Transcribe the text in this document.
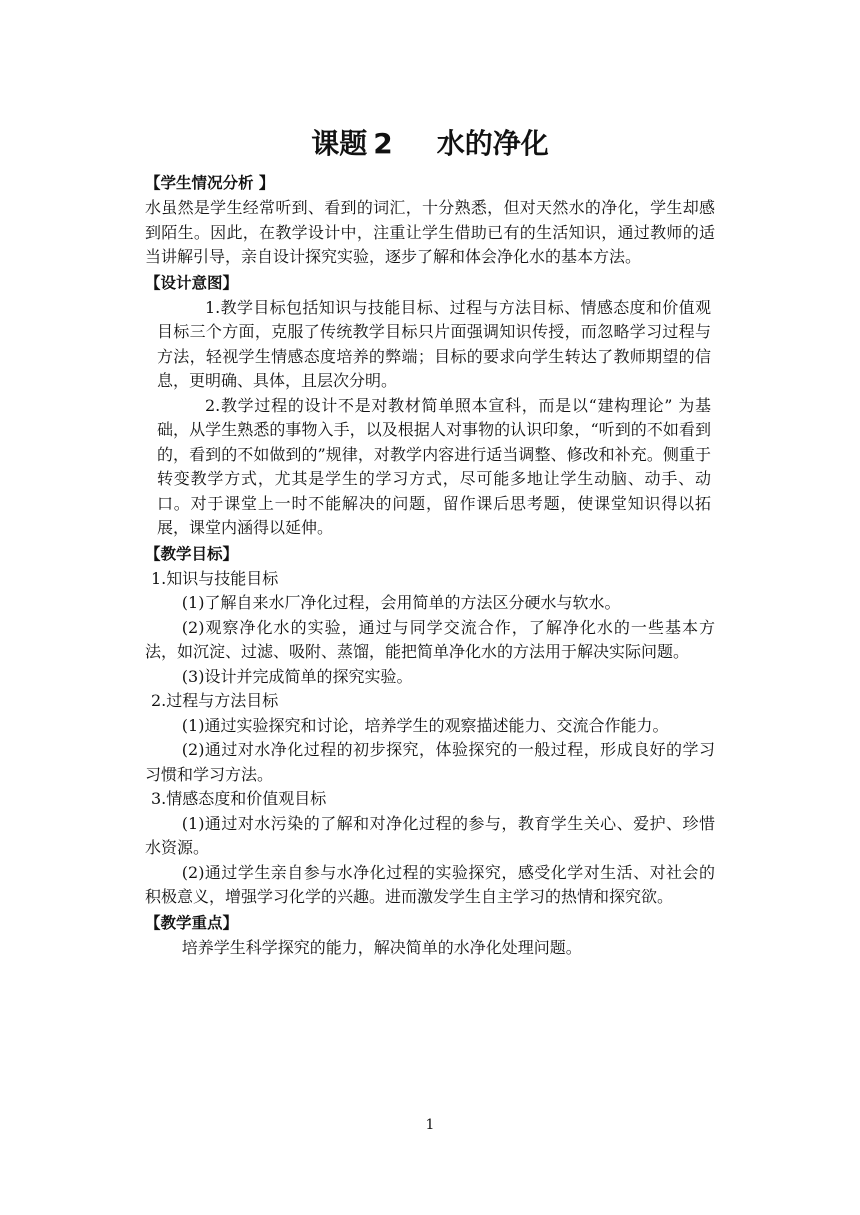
课题 2 水的净化
【学生情况分析 】

水虽然是学生经常听到、看到的词汇，十分熟悉，但对天然水的净化，学生却感到陌生。因此，在教学设计中，注重让学生借助已有的生活知识，通过教师的适当讲解引导，亲自设计探究实验，逐步了解和体会净化水的基本方法。

【设计意图】

1.教学目标包括知识与技能目标、过程与方法目标、情感态度和价值观目标三个方面，克服了传统教学目标只片面强调知识传授，而忽略学习过程与方法，轻视学生情感态度培养的弊端；目标的要求向学生转达了教师期望的信息，更明确、具体，且层次分明。

2.教学过程的设计不是对教材简单照本宣科，而是以“建构理论” 为基础，从学生熟悉的事物入手，以及根据人对事物的认识印象，“听到的不如看到的，看到的不如做到的”规律，对教学内容进行适当调整、修改和补充。侧重于转变教学方式，尤其是学生的学习方式，尽可能多地让学生动脑、动手、动口。对于课堂上一时不能解决的问题，留作课后思考题，使课堂知识得以拓展，课堂内涵得以延伸。

【教学目标】

1.知识与技能目标

(1)了解自来水厂净化过程，会用简单的方法区分硬水与软水。

(2)观察净化水的实验，通过与同学交流合作，了解净化水的一些基本方法，如沉淀、过滤、吸附、蒸馏，能把简单净化水的方法用于解决实际问题。

(3)设计并完成简单的探究实验。

2.过程与方法目标

(1)通过实验探究和讨论，培养学生的观察描述能力、交流合作能力。

(2)通过对水净化过程的初步探究，体验探究的一般过程，形成良好的学习习惯和学习方法。

3.情感态度和价值观目标

(1)通过对水污染的了解和对净化过程的参与，教育学生关心、爱护、珍惜水资源。

(2)通过学生亲自参与水净化过程的实验探究，感受化学对生活、对社会的积极意义，增强学习化学的兴趣。进而激发学生自主学习的热情和探究欲。

【教学重点】

培养学生科学探究的能力，解决简单的水净化处理问题。

1
